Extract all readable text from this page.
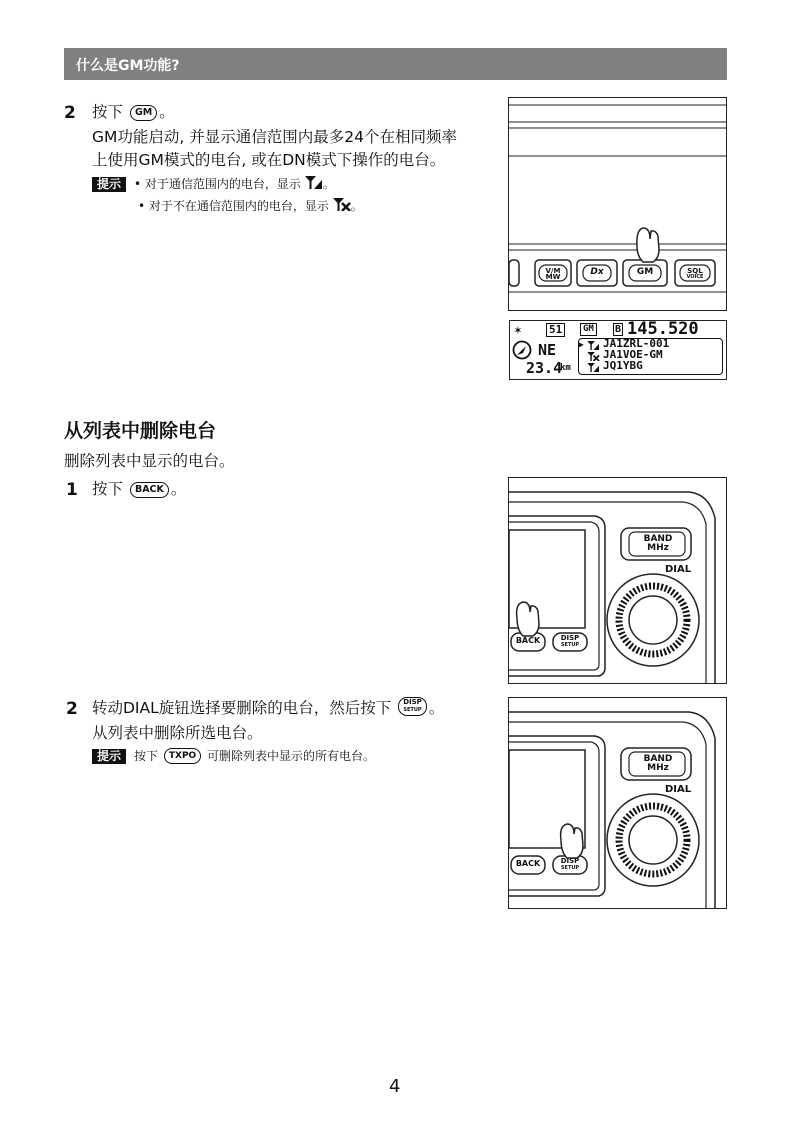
什么是GM功能?
2 按下 GM 。
GM功能启动, 并显示通信范围内最多24个在相同频率
上使用GM模式的电台, 或在DN模式下操作的电台。
提示 • 对于通信范围内的电台，显示 。
• 对于不在通信范围内的电台，显示 。
V/M
MW	Dx	GM	SQL
VOICE
✶ 51	GM	B 145.520
NE
23.4
km
▶ JA1ZRL-001
JA1VOE-GM
JQ1YBG
从列表中删除电台
删除列表中显示的电台。
1 按下 BACK 。
2 转动DIAL旋钮选择要删除的电台，然后按下 DISP
SETUP 。
从列表中删除所选电台。
提示 按下 TXPO 可删除列表中显示的所有电台。
BAND
MHz
DIAL
BACK	DISP
SETUP
BAND
MHz
DIAL
BACK	DISP
SETUP
4
